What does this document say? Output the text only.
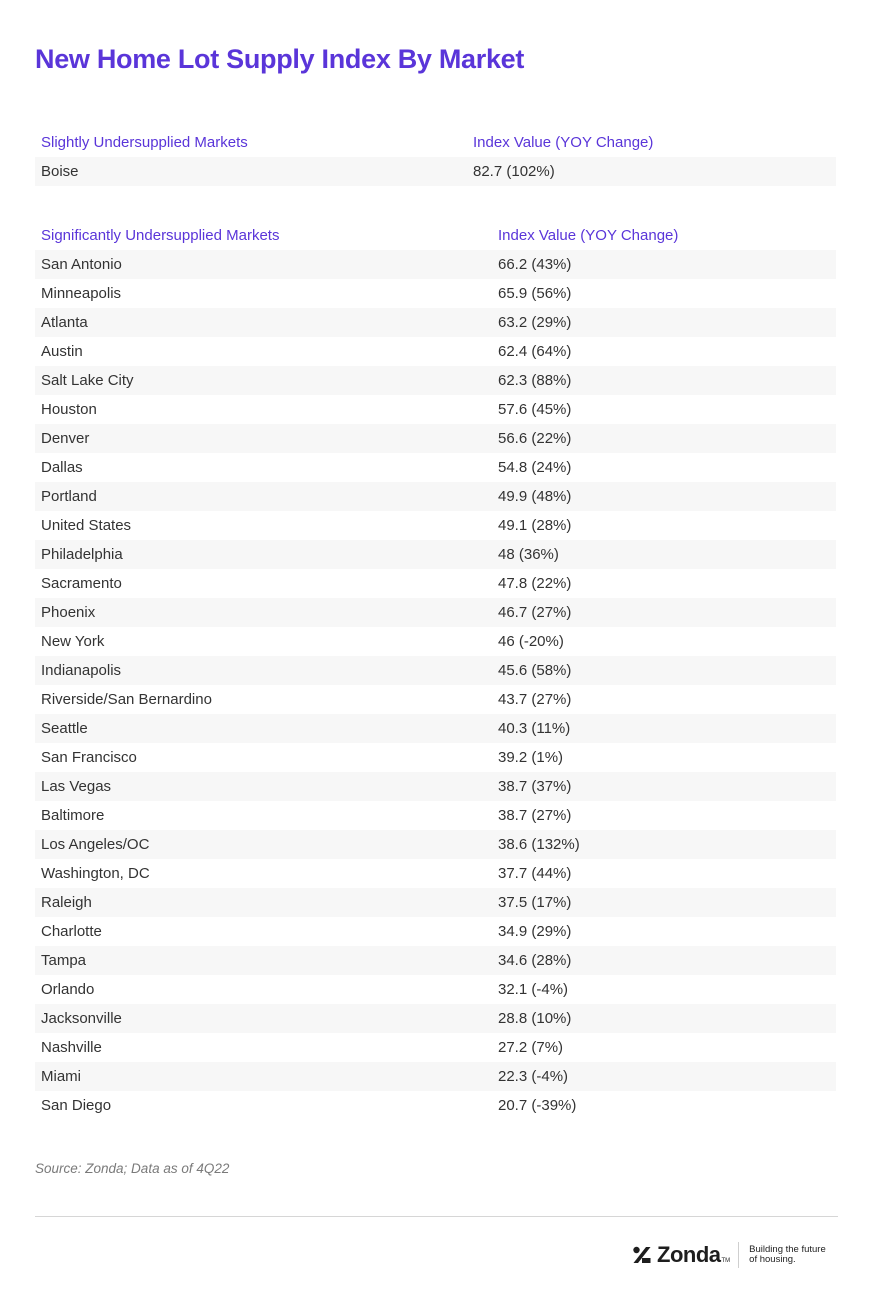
New Home Lot Supply Index By Market
Slightly Undersupplied Markets	Index Value (YOY Change)
Boise	82.7 (102%)
Significantly Undersupplied Markets	Index Value (YOY Change)
San Antonio	66.2 (43%)
Minneapolis	65.9 (56%)
Atlanta	63.2 (29%)
Austin	62.4 (64%)
Salt Lake City	62.3 (88%)
Houston	57.6 (45%)
Denver	56.6 (22%)
Dallas	54.8 (24%)
Portland	49.9 (48%)
United States	49.1 (28%)
Philadelphia	48 (36%)
Sacramento	47.8 (22%)
Phoenix	46.7 (27%)
New York	46 (-20%)
Indianapolis	45.6 (58%)
Riverside/San Bernardino	43.7 (27%)
Seattle	40.3 (11%)
San Francisco	39.2 (1%)
Las Vegas	38.7 (37%)
Baltimore	38.7 (27%)
Los Angeles/OC	38.6 (132%)
Washington, DC	37.7 (44%)
Raleigh	37.5 (17%)
Charlotte	34.9 (29%)
Tampa	34.6 (28%)
Orlando	32.1 (-4%)
Jacksonville	28.8 (10%)
Nashville	27.2 (7%)
Miami	22.3 (-4%)
San Diego	20.7 (-39%)
Source: Zonda; Data as of 4Q22
Zonda TM
Building the future
of housing.
